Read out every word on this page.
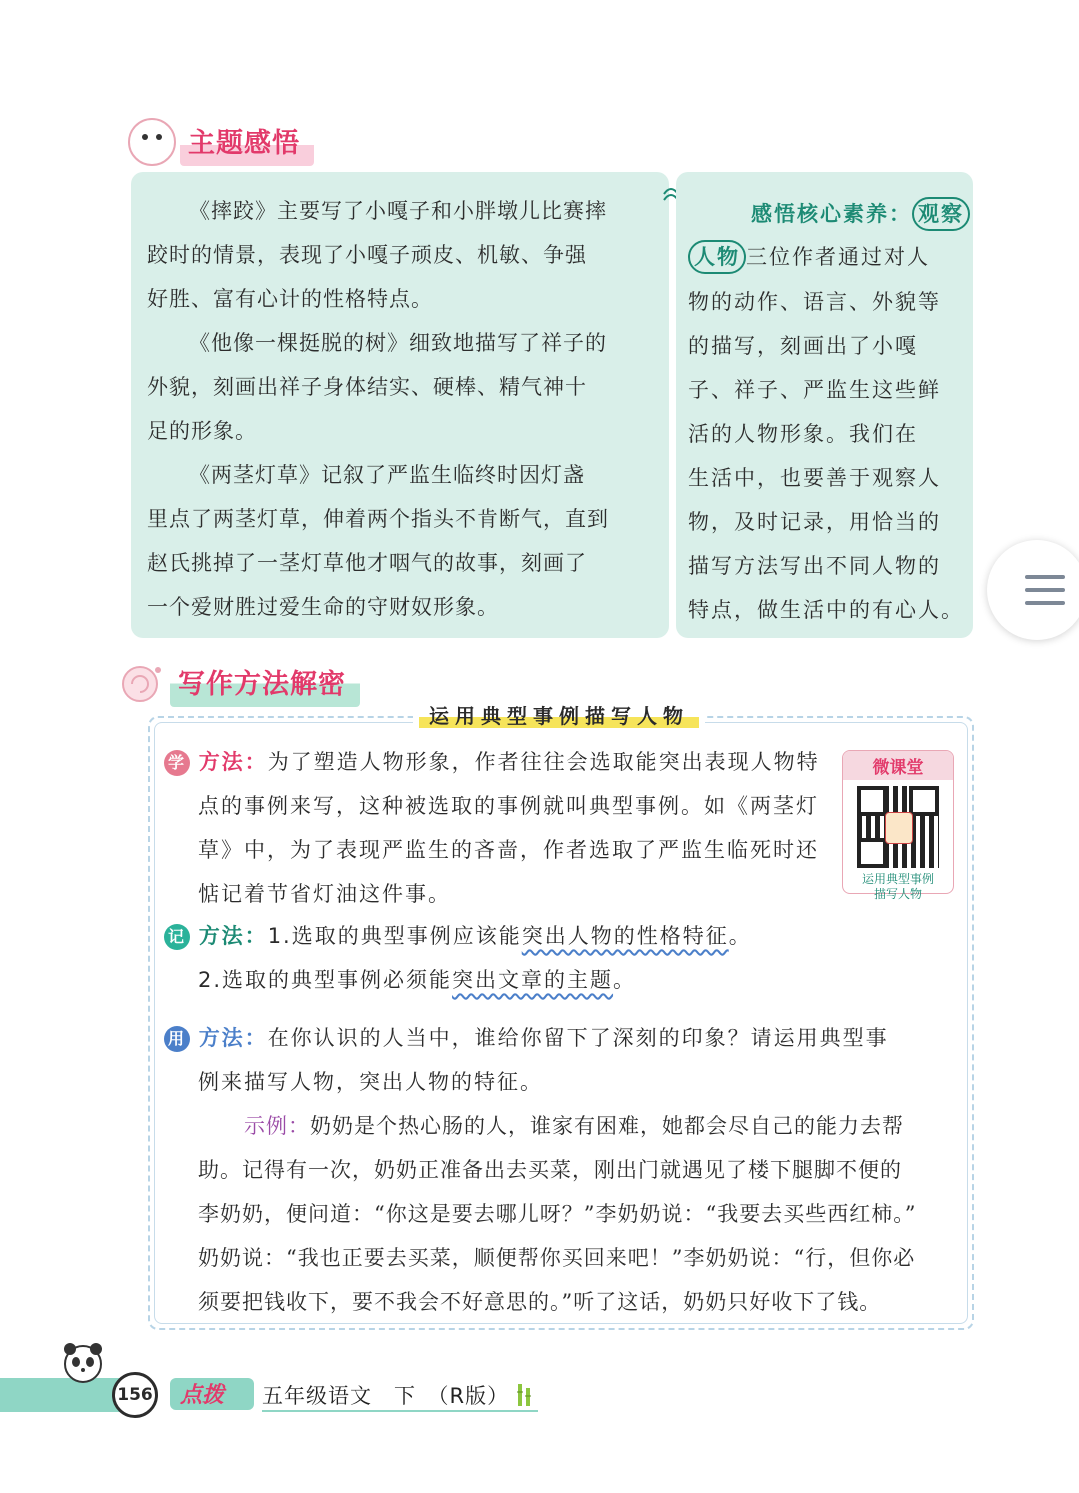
主题感悟
《摔跤》主要写了小嘎子和小胖墩儿比赛摔
跤时的情景，表现了小嘎子顽皮、机敏、争强
好胜、富有心计的性格特点。
《他像一棵挺脱的树》细致地描写了祥子的
外貌，刻画出祥子身体结实、硬棒、精气神十
足的形象。
《两茎灯草》记叙了严监生临终时因灯盏
里点了两茎灯草，伸着两个指头不肯断气，直到
赵氏挑掉了一茎灯草他才咽气的故事，刻画了
一个爱财胜过爱生命的守财奴形象。
感悟核心素养： 观察
人物 三位作者通过对人
物的动作、语言、外貌等
的描写，刻画出了小嘎
子、祥子、严监生这些鲜
活的人物形象。我们在
生活中，也要善于观察人
物，及时记录，用恰当的
描写方法写出不同人物的
特点，做生活中的有心人。
写作方法解密
运用典型事例描写人物
学 方法：为了塑造人物形象，作者往往会选取能突出表现人物特
点的事例来写，这种被选取的事例就叫典型事例。如《两茎灯
草》中，为了表现严监生的吝啬，作者选取了严监生临死时还
惦记着节省灯油这件事。
微课堂
运用典型事例
描写人物
记 方法：1.选取的典型事例应该能突出人物的性格特征。
2.选取的典型事例必须能突出文章的主题。
用 方法：在你认识的人当中，谁给你留下了深刻的印象？请运用典型事
例来描写人物，突出人物的特征。
示例：奶奶是个热心肠的人，谁家有困难，她都会尽自己的能力去帮
助。记得有一次，奶奶正准备出去买菜，刚出门就遇见了楼下腿脚不便的
李奶奶，便问道：“你这是要去哪儿呀？”李奶奶说：“我要去买些西红柿。”
奶奶说：“我也正要去买菜，顺便帮你买回来吧！”李奶奶说：“行，但你必
须要把钱收下，要不我会不好意思的。”听了这话，奶奶只好收下了钱。
156 点拨 五年级语文　下　（R版）
